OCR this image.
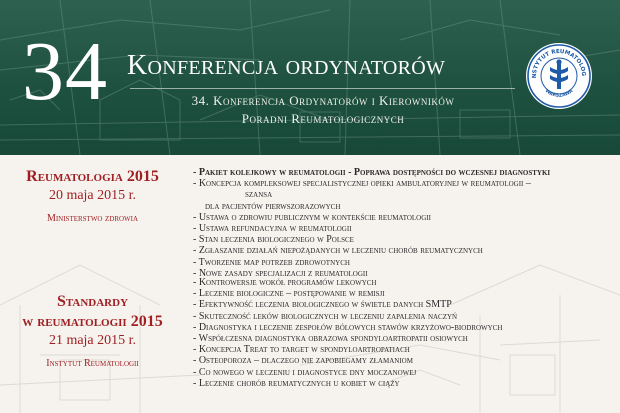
34 Konferencja ordynatorów
34. Konferencja Ordynatorów i Kierowników
Poradni Reumatologicznych
NSTYTUT REUMATOLOG
WARSZAWA
Reumatologia 2015
20 maja 2015 r.
Ministerstwo zdrowia
- Pakiet kolejkowy w reumatologii - Poprawa dostępności do wczesnej diagnostyki
- Koncepcja kompleksowej specjalistycznej opieki ambulatoryjnej w reumatologii –
szansa
dla pacjentów pierwszorazowych
- Ustawa o zdrowiu publicznym w kontekście reumatologii
- Ustawa refundacyjna w reumatologii
- Stan leczenia biologicznego w Polsce
- Zgłaszanie działań niepożądanych w leczeniu chorób reumatycznych
- Tworzenie map potrzeb zdrowotnych
- Nowe zasady specjalizacji z reumatologii
Standardy
w reumatologii 2015
21 maja 2015 r.
Instytut Reumatologii
- Kontrowersje wokół programów lekowych
- Leczenie biologiczne – postępowanie w remisji
- Efektywność leczenia biologicznego w świetle danych SMTP
- Skuteczność leków biologicznych w leczeniu zapalenia naczyń
- Diagnostyka i leczenie zespołów bólowych stawów krzyżowo-biodrowych
- Współczesna diagnostyka obrazowa spondyloartropatii osiowych
- Koncepcja Treat to target w spondyloartropatiach
- Osteoporoza – dlaczego nie zapobiegamy złamaniom
- Co nowego w leczeniu i diagnostyce dny moczanowej
- Leczenie chorób reumatycznych u kobiet w ciąży
